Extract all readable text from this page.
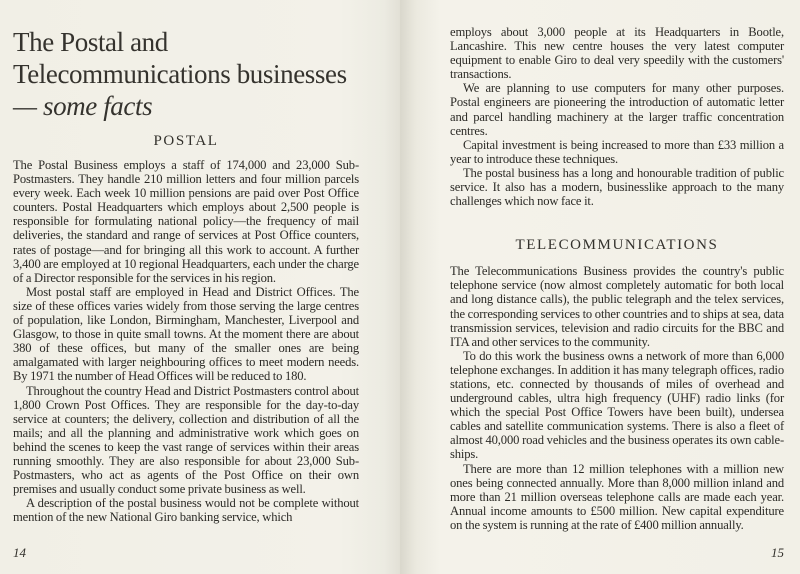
The Postal and
Telecommunications businesses
— some facts
POSTAL

The Postal Business employs a staff of 174,000 and 23,000 Sub-Postmasters. They handle 210 million letters and four million parcels every week. Each week 10 million pensions are paid over Post Office counters. Postal Headquarters which employs about 2,500 people is responsible for formulating national policy—the frequency of mail deliveries, the standard and range of services at Post Office counters, rates of postage—and for bringing all this work to account. A further 3,400 are employed at 10 regional Headquarters, each under the charge of a Director responsible for the services in his region.

Most postal staff are employed in Head and District Offices. The size of these offices varies widely from those serving the large centres of population, like London, Birmingham, Manchester, Liverpool and Glasgow, to those in quite small towns. At the moment there are about 380 of these offices, but many of the smaller ones are being amalgamated with larger neighbouring offices to meet modern needs. By 1971 the number of Head Offices will be reduced to 180.

Throughout the country Head and District Postmasters control about 1,800 Crown Post Offices. They are responsible for the day-to-day service at counters; the delivery, collection and distribution of all the mails; and all the planning and administrative work which goes on behind the scenes to keep the vast range of services within their areas running smoothly. They are also responsible for about 23,000 Sub-Postmasters, who act as agents of the Post Office on their own premises and usually conduct some private business as well.

A description of the postal business would not be complete without mention of the new National Giro banking service, which

14

employs about 3,000 people at its Headquarters in Bootle, Lancashire. This new centre houses the very latest computer equipment to enable Giro to deal very speedily with the customers' transactions.

We are planning to use computers for many other purposes. Postal engineers are pioneering the introduction of automatic letter and parcel handling machinery at the larger traffic concentration centres.

Capital investment is being increased to more than £33 million a year to introduce these techniques.

The postal business has a long and honourable tradition of public service. It also has a modern, businesslike approach to the many challenges which now face it.

TELECOMMUNICATIONS

The Telecommunications Business provides the country's public telephone service (now almost completely automatic for both local and long distance calls), the public telegraph and the telex services, the corresponding services to other countries and to ships at sea, data transmission services, television and radio circuits for the BBC and ITA and other services to the community.

To do this work the business owns a network of more than 6,000 telephone exchanges. In addition it has many telegraph offices, radio stations, etc. connected by thousands of miles of overhead and underground cables, ultra high frequency (UHF) radio links (for which the special Post Office Towers have been built), undersea cables and satellite communication systems. There is also a fleet of almost 40,000 road vehicles and the business operates its own cable-ships.

There are more than 12 million telephones with a million new ones being connected annually. More than 8,000 million inland and more than 21 million overseas telephone calls are made each year. Annual income amounts to £500 million. New capital expenditure on the system is running at the rate of £400 million annually.

15
